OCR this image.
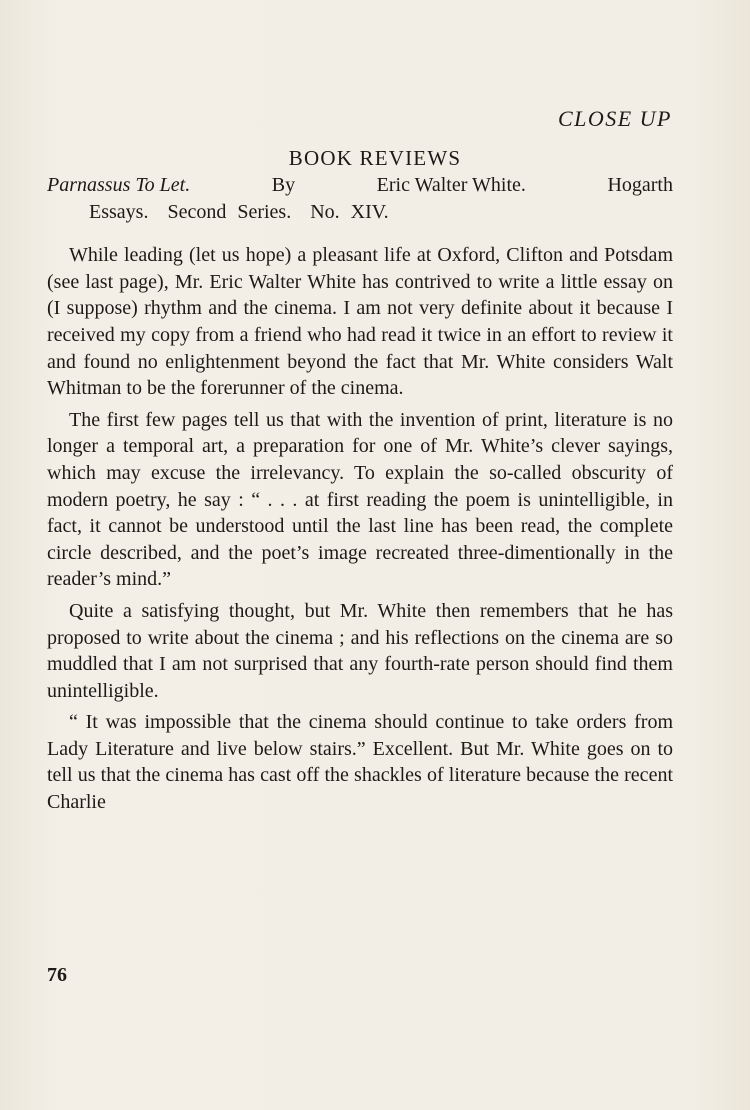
CLOSE UP
BOOK REVIEWS
Parnassus To Let.	By	Eric Walter White.	Hogarth
Essays. Second Series. No. XIV.

While leading (let us hope) a pleasant life at Oxford, Clifton and Potsdam (see last page), Mr. Eric Walter White has contrived to write a little essay on (I suppose) rhythm and the cinema. I am not very definite about it because I received my copy from a friend who had read it twice in an effort to review it and found no enlightenment beyond the fact that Mr. White considers Walt Whitman to be the forerunner of the cinema.

The first few pages tell us that with the invention of print, literature is no longer a temporal art, a preparation for one of Mr. White’s clever sayings, which may excuse the irrelevancy. To explain the so-called obscurity of modern poetry, he say : “ . . . at first reading the poem is unintelligible, in fact, it cannot be understood until the last line has been read, the complete circle described, and the poet’s image recreated three-dimentionally in the reader’s mind.”

Quite a satisfying thought, but Mr. White then remembers that he has proposed to write about the cinema ; and his reflections on the cinema are so muddled that I am not surprised that any fourth-rate person should find them unintelligible.

“ It was impossible that the cinema should continue to take orders from Lady Literature and live below stairs.” Excellent. But Mr. White goes on to tell us that the cinema has cast off the shackles of literature because the recent Charlie

76
